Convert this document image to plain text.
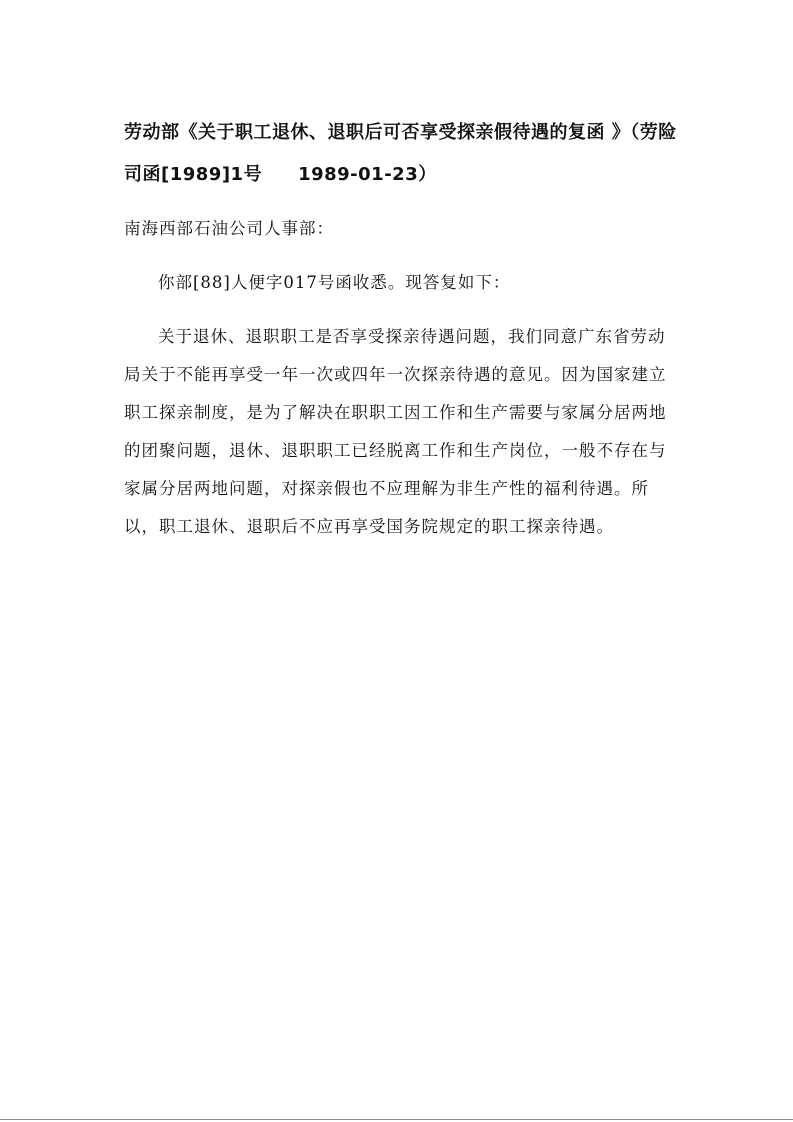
劳动部《关于职工退休、退职后可否享受探亲假待遇的复函 》（劳险司函[1989]1号 1989-01-23）

南海西部石油公司人事部：

你部[88]人便字017号函收悉。现答复如下：

关于退休、退职职工是否享受探亲待遇问题，我们同意广东省劳动局关于不能再享受一年一次或四年一次探亲待遇的意见。因为国家建立职工探亲制度，是为了解决在职职工因工作和生产需要与家属分居两地的团聚问题，退休、退职职工已经脱离工作和生产岗位，一般不存在与家属分居两地问题，对探亲假也不应理解为非生产性的福利待遇。所以，职工退休、退职后不应再享受国务院规定的职工探亲待遇。
